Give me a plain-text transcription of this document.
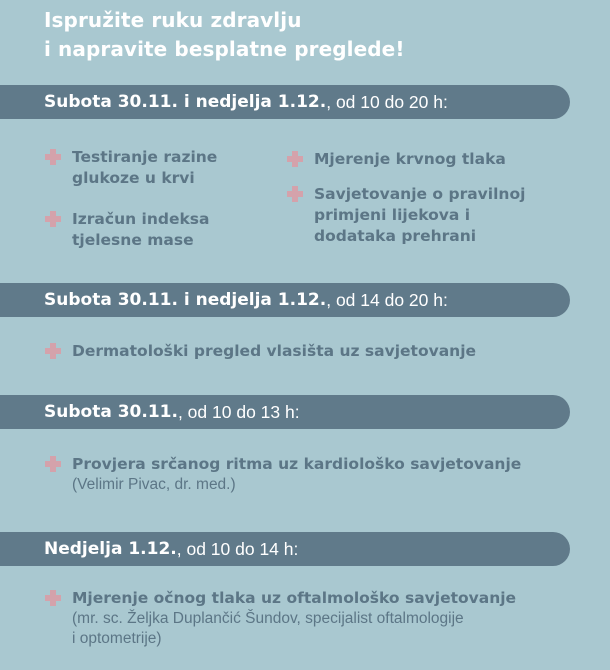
Ispružite ruku zdravlju
i napravite besplatne preglede!
Subota 30.11. i nedjelja 1.12. , od 10 do 20 h:
Testiranje razine
glukoze u krvi
Izračun indeksa
tjelesne mase
Mjerenje krvnog tlaka
Savjetovanje o pravilnoj
primjeni lijekova i
dodataka prehrani
Subota 30.11. i nedjelja 1.12. , od 14 do 20 h:
Dermatološki pregled vlasišta uz savjetovanje
Subota 30.11. , od 10 do 13 h:
Provjera srčanog ritma uz kardiološko savjetovanje
(Velimir Pivac, dr. med.)
Nedjelja 1.12. , od 10 do 14 h:
Mjerenje očnog tlaka uz oftalmološko savjetovanje
(mr. sc. Željka Duplančić Šundov, specijalist oftalmologije
i optometrije)
